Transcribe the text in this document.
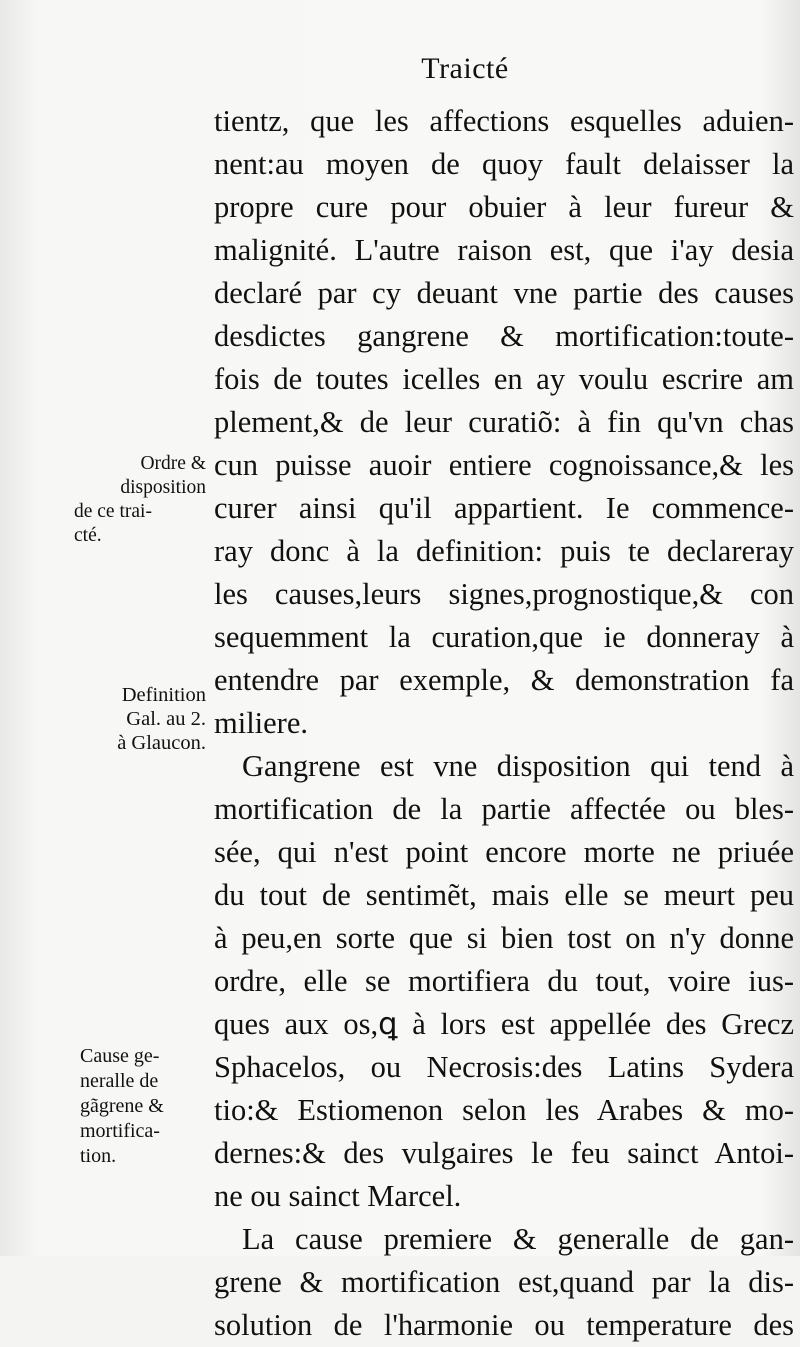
Traicté
tientz, que les affections esquelles aduien-
nent:au moyen de quoy fault delaisser la
propre cure pour obuier à leur fureur &
malignité. L'autre raison est, que i'ay desia
declaré par cy deuant vne partie des causes
desdictes gangrene & mortification:toute-
fois de toutes icelles en ay voulu escrire am
plement,& de leur curatiõ: à fin qu'vn chas
cun puisse auoir entiere cognoissance,& les
curer ainsi qu'il appartient. Ie commence-
ray donc à la definition: puis te declareray
les causes,leurs signes,prognostique,& con
sequemment la curation,que ie donneray à
entendre par exemple, & demonstration fa
miliere.
Gangrene est vne disposition qui tend à
mortification de la partie affectée ou bles-
sée, qui n'est point encore morte ne priuée
du tout de sentimẽt, mais elle se meurt peu
à peu,en sorte que si bien tost on n'y donne
ordre, elle se mortifiera du tout, voire ius-
ques aux os,ꝗ à lors est appellée des Grecz
Sphacelos, ou Necrosis:des Latins Sydera
tio:& Estiomenon selon les Arabes & mo-
dernes:& des vulgaires le feu sainct Antoi-
ne ou sainct Marcel.
La cause premiere & generalle de gan-
grene & mortification est,quand par la dis-
solution de l'harmonie ou temperature des
Ordre &
disposition
de ce trai-
cté.
Definition
Gal. au 2.
à Glaucon.
Cause ge-
neralle de
gãgrene &
mortifica-
tion.
